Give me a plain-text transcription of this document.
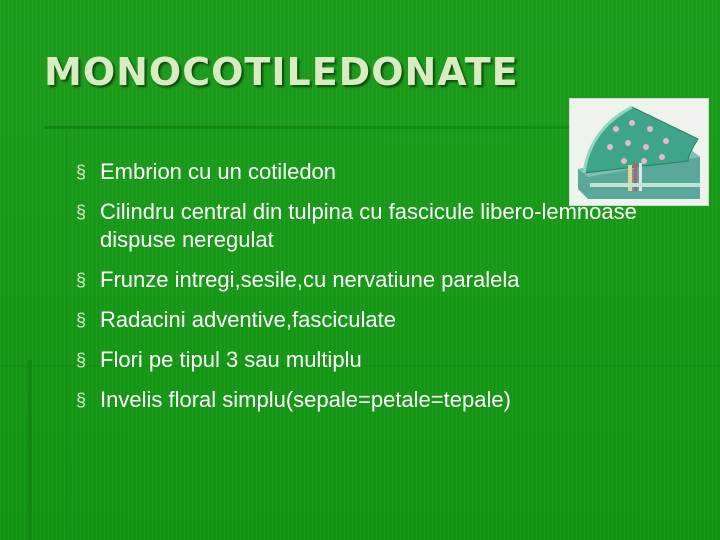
MONOCOTILEDONATE
§ Embrion cu un cotiledon
§ Cilindru central din tulpina cu fascicule libero-lemnoase dispuse neregulat
§ Frunze intregi,sesile,cu nervatiune paralela
§ Radacini adventive,fasciculate
§ Flori pe tipul 3 sau multiplu
§ Invelis floral simplu(sepale=petale=tepale)
